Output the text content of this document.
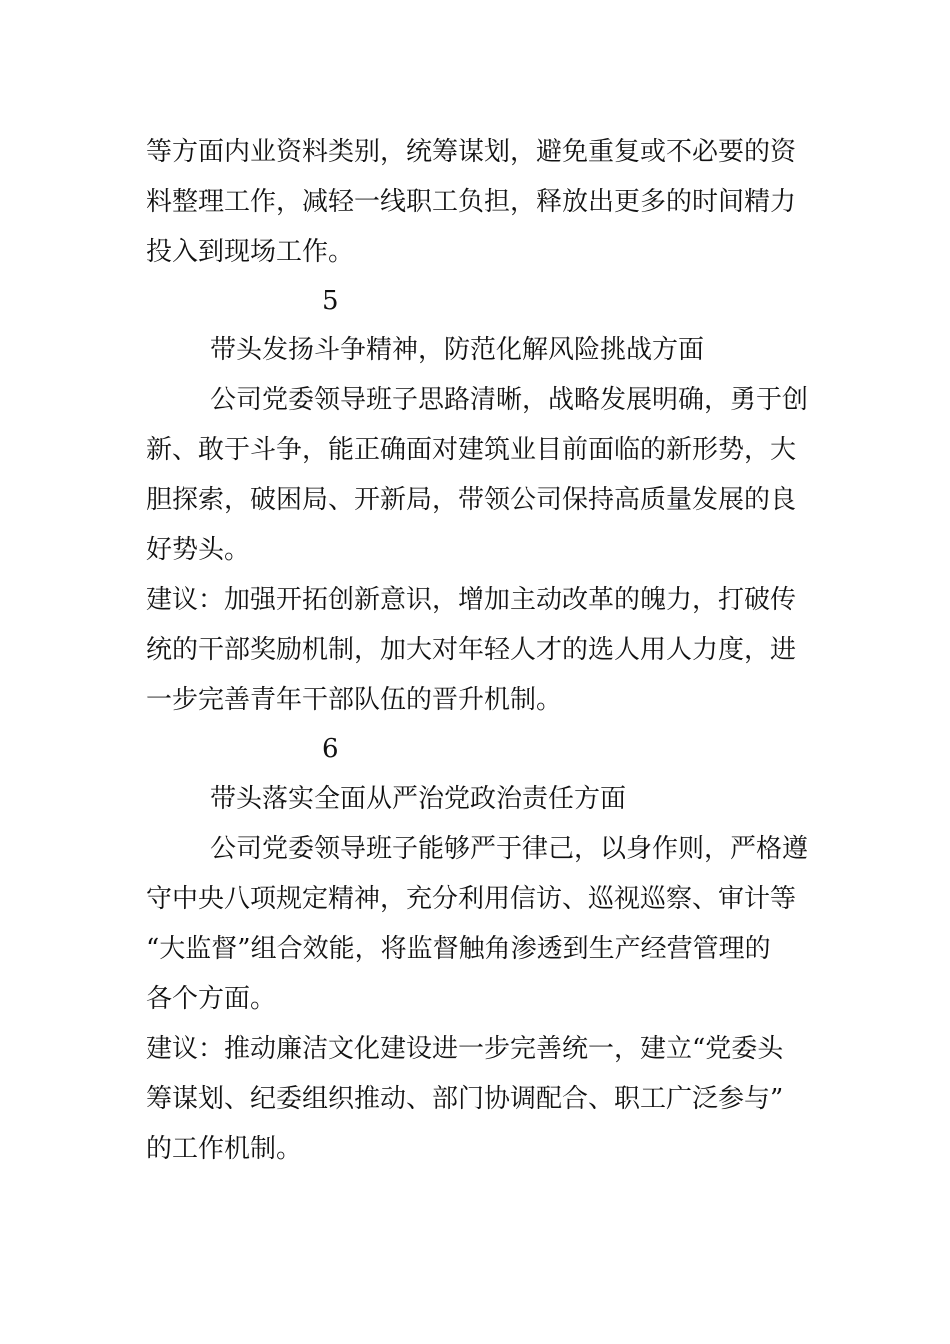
等方面内业资料类别，统筹谋划，避免重复或不必要的资
料整理工作，减轻一线职工负担，释放出更多的时间精力
投入到现场工作。
5
带头发扬斗争精神，防范化解风险挑战方面
公司党委领导班子思路清晰，战略发展明确，勇于创
新、敢于斗争，能正确面对建筑业目前面临的新形势，大
胆探索，破困局、开新局，带领公司保持高质量发展的良
好势头。
建议：加强开拓创新意识，增加主动改革的魄力，打破传
统的干部奖励机制，加大对年轻人才的选人用人力度，进
一步完善青年干部队伍的晋升机制。
6
带头落实全面从严治党政治责任方面
公司党委领导班子能够严于律己，以身作则，严格遵
守中央八项规定精神，充分利用信访、巡视巡察、审计等
“大监督”组合效能，将监督触角渗透到生产经营管理的
各个方面。
建议：推动廉洁文化建设进一步完善统一，建立“党委头
筹谋划、纪委组织推动、部门协调配合、职工广泛参与”
的工作机制。
